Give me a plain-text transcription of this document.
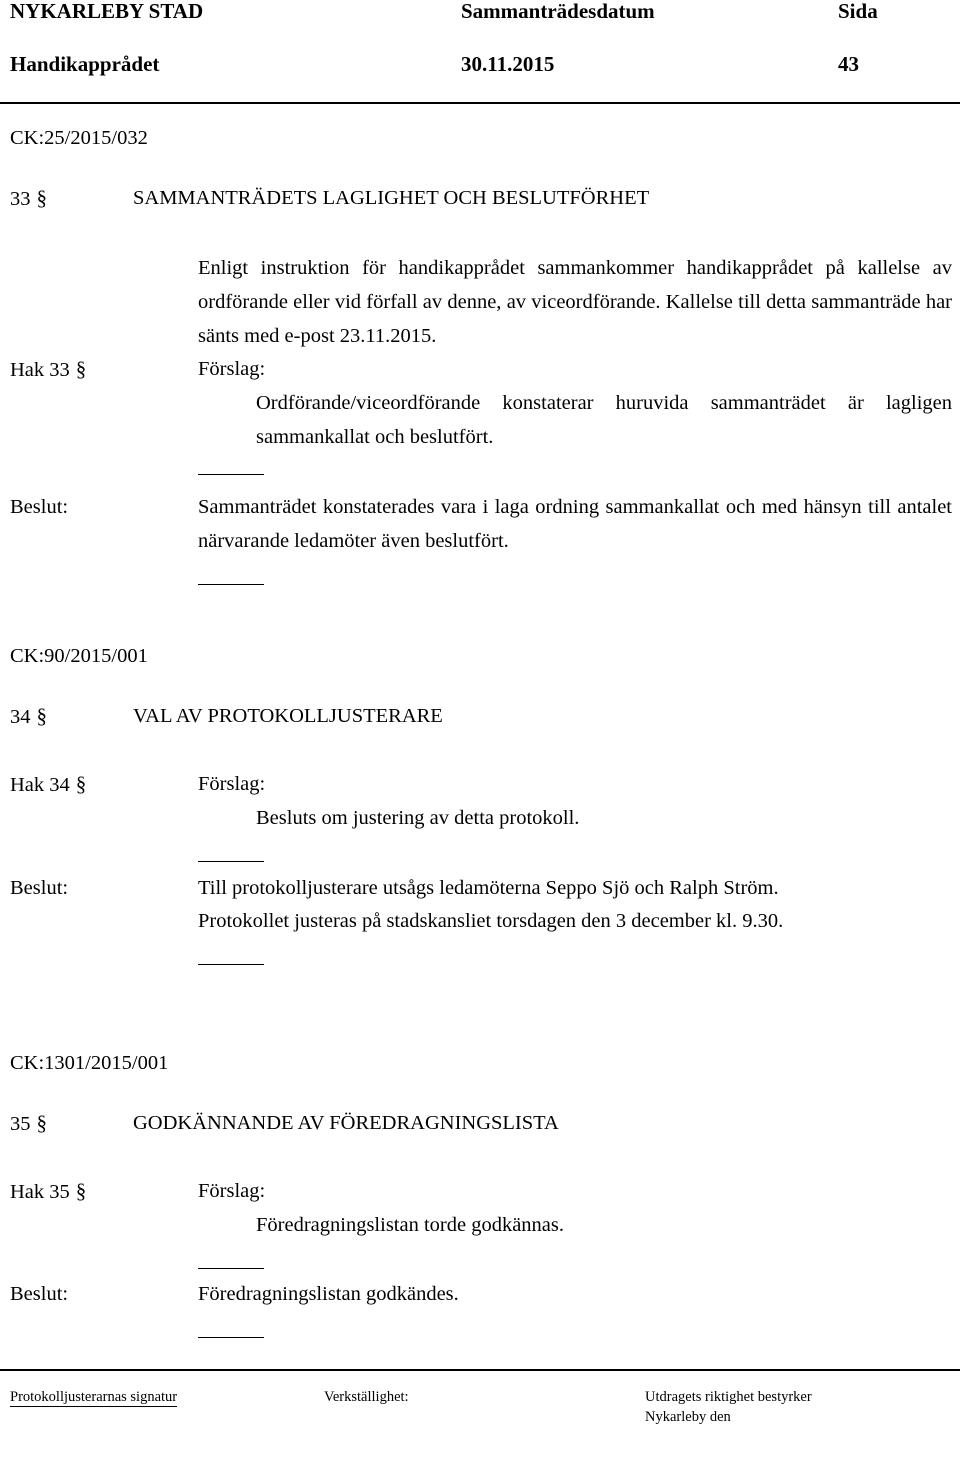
NYKARLEBY STAD	Sammanträdesdatum	Sida
Handikapprådet	30.11.2015	43
CK:25/2015/032
33 §	SAMMANTRÄDETS LAGLIGHET OCH BESLUTFÖRHET
Enligt instruktion för handikapprådet sammankommer handikapprådet på kallelse av ordförande eller vid förfall av denne, av viceordförande. Kallelse till detta sammanträde har sänts med e-post 23.11.2015.
Hak 33 §	Förslag:
Ordförande/viceordförande konstaterar huruvida sammanträdet är lagligen sammankallat och beslutfört.
Beslut:	Sammanträdet konstaterades vara i laga ordning sammankallat och med hänsyn till antalet närvarande ledamöter även beslutfört.
CK:90/2015/001
34 §	VAL AV PROTOKOLLJUSTERARE
Hak 34 §	Förslag:
Besluts om justering av detta protokoll.
Beslut:	Till protokolljusterare utsågs ledamöterna Seppo Sjö och Ralph Ström.
Protokollet justeras på stadskansliet torsdagen den 3 december kl. 9.30.
CK:1301/2015/001
35 §	GODKÄNNANDE AV FÖREDRAGNINGSLISTA
Hak 35 §	Förslag:
Föredragningslistan torde godkännas.
Beslut:	Föredragningslistan godkändes.
Protokolljusterarnas signatur	Verkställighet:	Utdragets riktighet bestyrker
Nykarleby den
